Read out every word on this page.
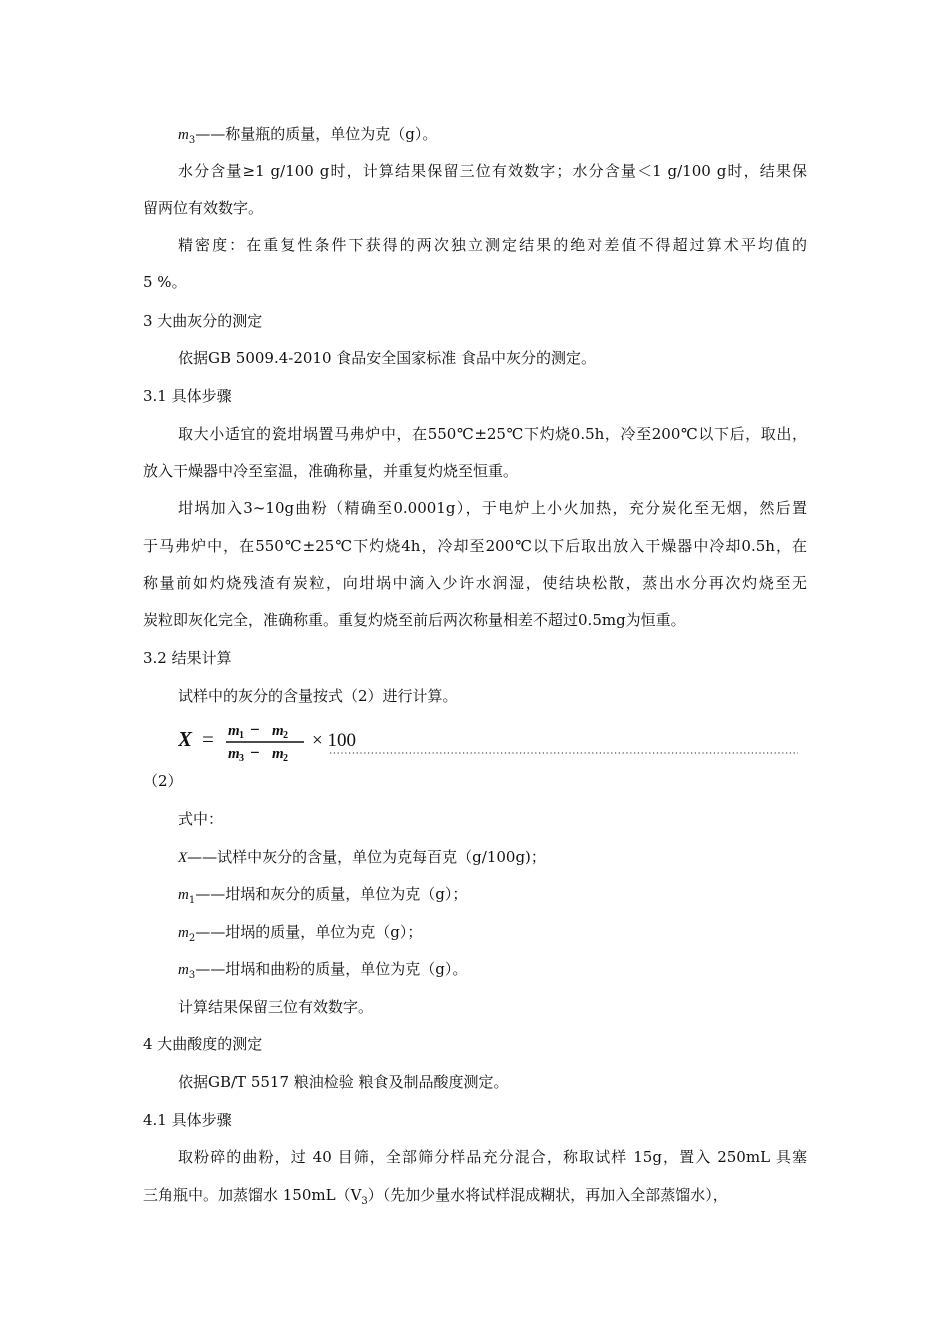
$m_3——$称量瓶的质量，单位为克（g）。
水分含量≥1 g/100 g时，计算结果保留三位有效数字；水分含量＜1 g/100 g时，结果保
留两位有效数字。
精密度：在重复性条件下获得的两次独立测定结果的绝对差值不得超过算术平均值的
5 %。
3 大曲灰分的测定
依据GB 5009.4-2010 食品安全国家标准 食品中灰分的测定。
3.1 具体步骤
取大小适宜的瓷坩埚置马弗炉中，在550℃±25℃下灼烧0.5h，冷至200℃以下后，取出，
放入干燥器中冷至室温，准确称量，并重复灼烧至恒重。
坩埚加入3~10g曲粉（精确至0.0001g），于电炉上小火加热，充分炭化至无烟，然后置
于马弗炉中，在550℃±25℃下灼烧4h，冷却至200℃以下后取出放入干燥器中冷却0.5h，在
称量前如灼烧残渣有炭粒，向坩埚中滴入少许水润湿，使结块松散，蒸出水分再次灼烧至无
炭粒即灰化完全，准确称重。重复灼烧至前后两次称量相差不超过0.5mg为恒重。
3.2 结果计算
试样中的灰分的含量按式（2）进行计算。
X = m 1 m 2
m 3 m 2
−
−
× 100
（2）
式中：
X——试样中灰分的含量，单位为克每百克（g/100g)；
$m_1——$坩埚和灰分的质量，单位为克（g）；
$m_2——$坩埚的质量，单位为克（g）；
$m_3——$坩埚和曲粉的质量，单位为克（g）。
计算结果保留三位有效数字。
4 大曲酸度的测定
依据GB/T 5517 粮油检验 粮食及制品酸度测定。
4.1 具体步骤
取粉碎的曲粉，过 40 目筛，全部筛分样品充分混合，称取试样 15g，置入 250mL 具塞
三角瓶中。加蒸馏水 $150mL(V_3)$（先加少量水将试样混成糊状，再加入全部蒸馏水），
